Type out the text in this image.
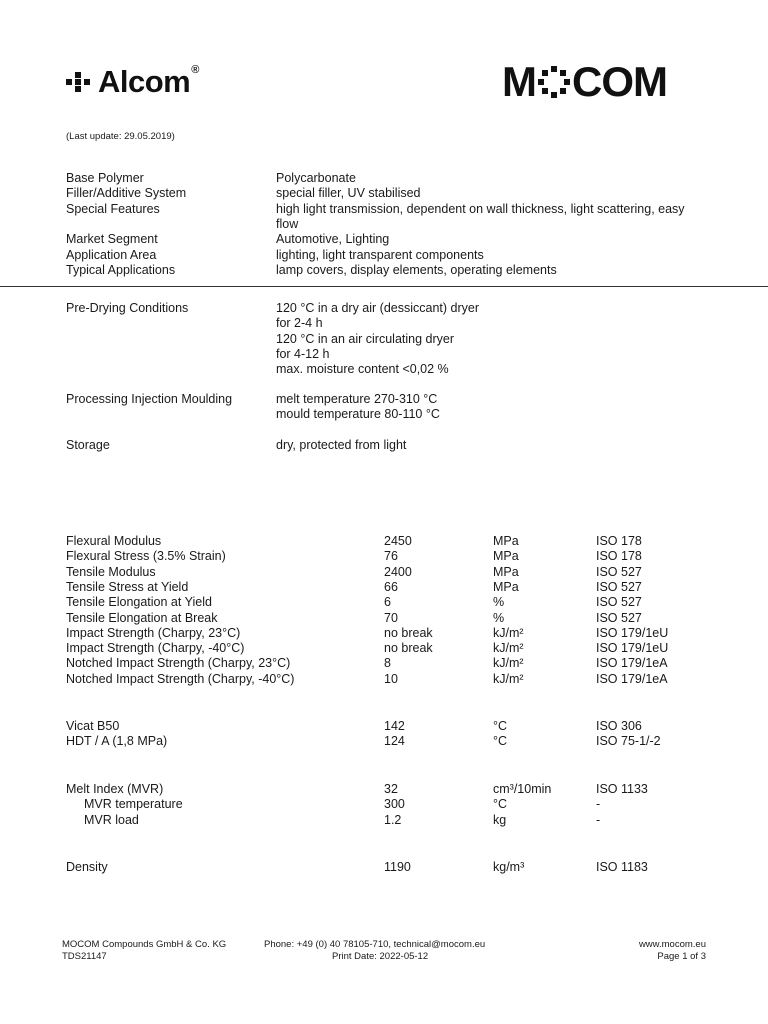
Alcom ®	M COM
(Last update: 29.05.2019)
Base Polymer	Polycarbonate
Filler/Additive System	special filler, UV stabilised
Special Features	high light transmission, dependent on wall thickness, light scattering, easy
flow
Market Segment	Automotive, Lighting
Application Area	lighting, light transparent components
Typical Applications	lamp covers, display elements, operating elements
Pre-Drying Conditions	120 °C in a dry air (dessiccant) dryer
for 2-4 h
120 °C in an air circulating dryer
for 4-12 h
max. moisture content <0,02 %
Processing Injection Moulding	melt temperature 270-310 °C
mould temperature 80-110 °C
Storage	dry, protected from light
Flexural Modulus	2450	MPa	ISO 178
Flexural Stress (3.5% Strain)	76	MPa	ISO 178
Tensile Modulus	2400	MPa	ISO 527
Tensile Stress at Yield	66	MPa	ISO 527
Tensile Elongation at Yield	6	%	ISO 527
Tensile Elongation at Break	70	%	ISO 527
Impact Strength (Charpy, 23°C)	no break	kJ/m²	ISO 179/1eU
Impact Strength (Charpy, -40°C)	no break	kJ/m²	ISO 179/1eU
Notched Impact Strength (Charpy, 23°C)	8	kJ/m²	ISO 179/1eA
Notched Impact Strength (Charpy, -40°C)	10	kJ/m²	ISO 179/1eA
Vicat B50	142	°C	ISO 306
HDT / A (1,8 MPa)	124	°C	ISO 75-1/-2
Melt Index (MVR)	32	cm³/10min	ISO 1133
MVR temperature	300	°C	-
MVR load	1.2	kg	-
Density	1190	kg/m³	ISO 1183
MOCOM Compounds GmbH & Co. KG
TDS21147
Phone: +49 (0) 40 78105-710, technical@mocom.eu
Print Date: 2022-05-12
www.mocom.eu
Page 1 of 3
